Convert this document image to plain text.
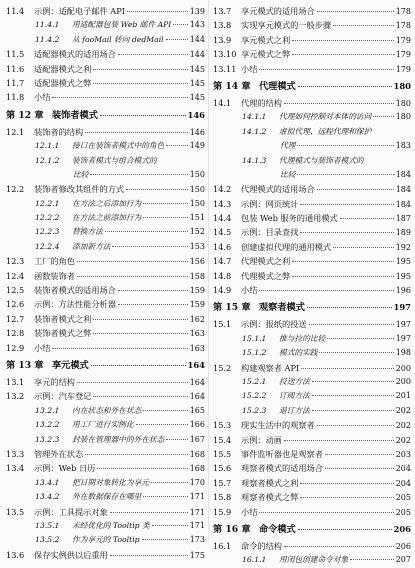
11.4	示例：适配电子邮件 API	139
11.4.1	用适配器包装 Web 邮件 API 143
11.4.2	从 fooMail 转向 dedMail	144
11.5	适配器模式的适用场合	144
11.6	适配器模式之利	145
11.7	适配器模式之弊	145
11.8	小结	145
第 12 章 装饰者模式	146
12.1	装饰者的结构	146
12.1.1	接口在装饰者模式中的角色	149
12.1.2	装饰者模式与组合模式的
比较	150
12.2	装饰者修改其组件的方式	150
12.2.1	在方法之后添加行为	150
12.2.2	在方法之前添加行为	151
12.2.3	替换方法	152
12.2.4	添加新方法	153
12.3	工厂的角色	156
12.4	函数装饰者	158
12.5	装饰者模式的适用场合	159
12.6	示例：方法性能分析器	159
12.7	装饰者模式之利	162
12.8	装饰者模式之弊	163
12.9	小结	163
第 13 章 享元模式	164
13.1	享元的结构	164
13.2	示例：汽车登记	164
13.2.1	内在状态和外在状态	165
13.2.2	用工厂进行实例化	166
13.2.3	封装在管理器中的外在状态	167
13.3	管理外在状态	168
13.4	示例：Web 日历	168
13.4.1	把日期对象转化为享元	170
13.4.2	外在数据保存在哪里	171
13.5	示例：工具提示对象	171
13.5.1	未经优化的 Tooltip 类	171
13.5.2	作为享元的 Tooltip	173
13.6	保存实例供以后重用	175
13.7	享元模式的适用场合	178
13.8	实现享元模式的一般步骤	178
13.9	享元模式之利	179
13.10 享元模式之弊	179
13.11 小结	179
第 14 章 代理模式	180
14.1	代理的结构	180
14.1.1	代理如何控制对本体的访问	180
14.1.2	虚拟代理、远程代理和保护
代理	183
14.1.3	代理模式与装饰者模式的
比较	184
14.2	代理模式的适用场合	184
14.3	示例：网页统计	184
14.4	包装 Web 服务的通用模式	187
14.5	示例：目录查找	189
14.6	创建虚拟代理的通用模式	192
14.7	代理模式之利	195
14.8	代理模式之弊	195
14.9	小结	196
第 15 章 观察者模式	197
15.1	示例：报纸的投送	197
15.1.1	推与拉的比较	197
15.1.2	模式的实践	198
15.2	构建观察者 API	200
15.2.1	投送方法	200
15.2.2	订阅方法	201
15.2.3	退订方法	202
15.3	现实生活中的观察者	202
15.4	示例：动画	202
15.5	事件监听器也是观察者	203
15.6	观察者模式的适用场合	204
15.7	观察者模式之利	204
15.8	观察者模式之弊	205
15.9	小结	205
第 16 章 命令模式	206
16.1	命令的结构	206
16.1.1	用闭包创建命令对象	207
